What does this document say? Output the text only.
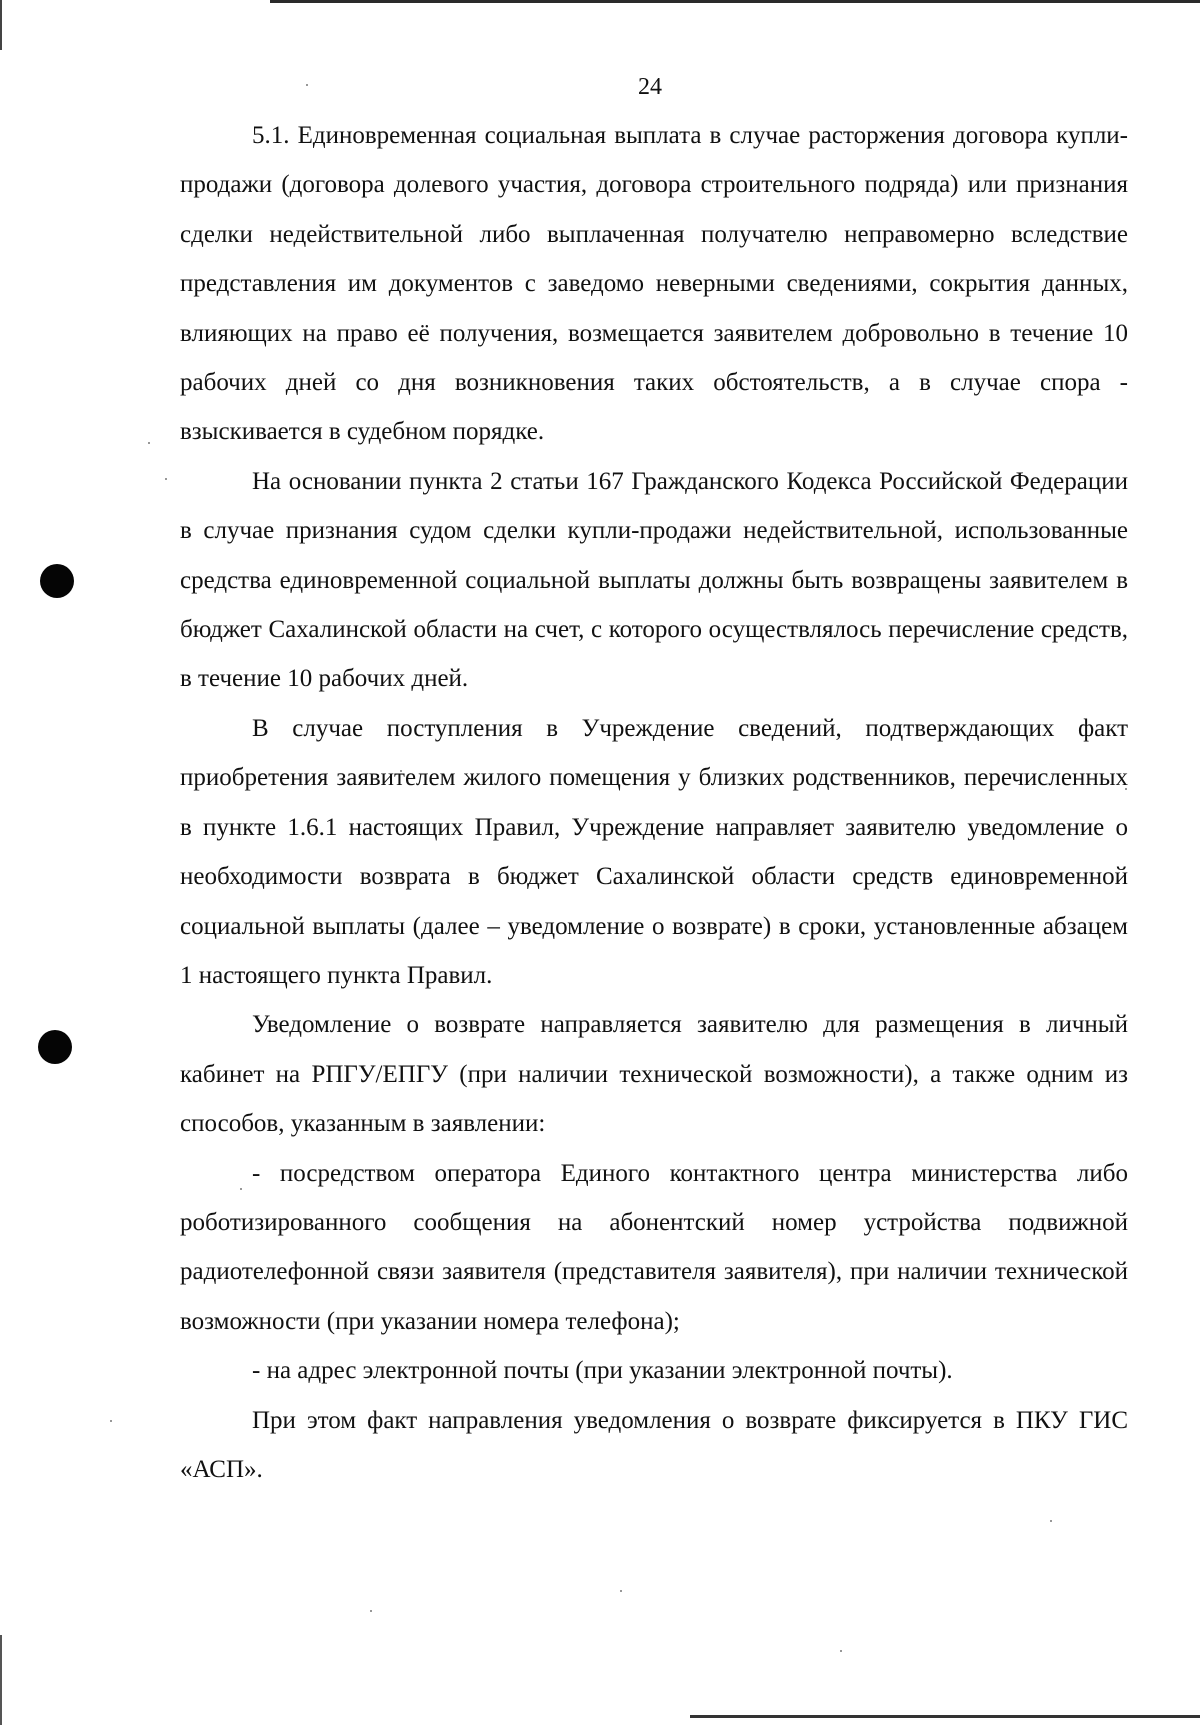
24

5.1. Единовременная социальная выплата в случае расторжения договора купли-продажи (договора долевого участия, договора строительного подряда) или признания сделки недействительной либо выплаченная получателю неправомерно вследствие представления им документов с заведомо неверными сведениями, сокрытия данных, влияющих на право её получения, возмещается заявителем добровольно в течение 10 рабочих дней со дня возникновения таких обстоятельств, а в случае спора - взыскивается в судебном порядке.

На основании пункта 2 статьи 167 Гражданского Кодекса Российской Федерации в случае признания судом сделки купли-продажи недействительной, использованные средства единовременной социальной выплаты должны быть возвращены заявителем в бюджет Сахалинской области на счет, с которого осуществлялось перечисление средств, в течение 10 рабочих дней.

В случае поступления в Учреждение сведений, подтверждающих факт приобретения заявителем жилого помещения у близких родственников, перечисленных в пункте 1.6.1 настоящих Правил, Учреждение направляет заявителю уведомление о необходимости возврата в бюджет Сахалинской области средств единовременной социальной выплаты (далее – уведомление о возврате) в сроки, установленные абзацем 1 настоящего пункта Правил.

Уведомление о возврате направляется заявителю для размещения в личный кабинет на РПГУ/ЕПГУ (при наличии технической возможности), а также одним из способов, указанным в заявлении:

- посредством оператора Единого контактного центра министерства либо роботизированного сообщения на абонентский номер устройства подвижной радиотелефонной связи заявителя (представителя заявителя), при наличии технической возможности (при указании номера телефона);

- на адрес электронной почты (при указании электронной почты).

При этом факт направления уведомления о возврате фиксируется в ПКУ ГИС «АСП».
